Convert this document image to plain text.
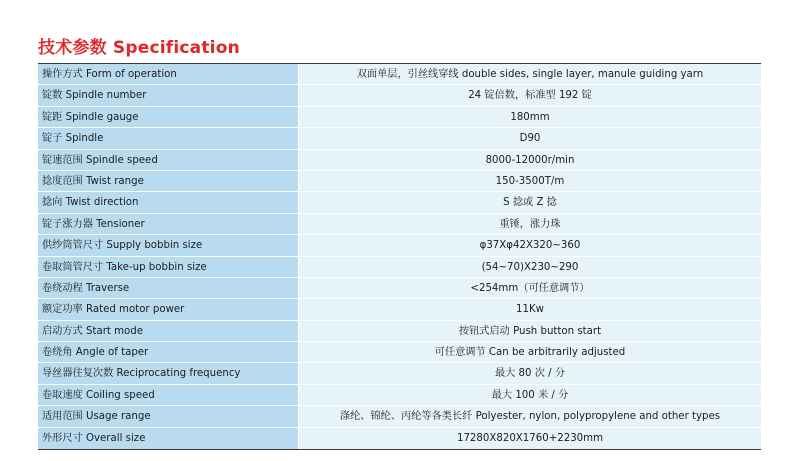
技术参数 Specification
操作方式 Form of operation	双面单层，引丝线穿线 double sides, single layer, manule guiding yarn
锭数 Spindle number	24 锭倍数，标准型 192 锭
锭距 Spindle gauge	180mm
锭子 Spindle	D90
锭速范围 Spindle speed	8000-12000r/min
捻度范围 Twist range	150-3500T/m
捻向 Twist direction	S 捻或 Z 捻
锭子涨力器 Tensioner	重锤，涨力珠
供纱筒管尺寸 Supply bobbin size	φ37Xφ42X320~360
卷取筒管尺寸 Take-up bobbin size	(54~70)X230~290
卷绕动程 Traverse	<254mm（可任意调节）
额定功率 Rated motor power	11Kw
启动方式 Start mode	按钮式启动 Push button start
卷绕角 Angle of taper	可任意调节 Can be arbitrarily adjusted
导丝器往复次数 Reciprocating frequency	最大 80 次 / 分
卷取速度 Coiling speed	最大 100 米 / 分
适用范围 Usage range	涤纶、锦纶、丙纶等各类长纤 Polyester, nylon, polypropylene and other types
外形尺寸 Overall size	17280X820X1760+2230mm
